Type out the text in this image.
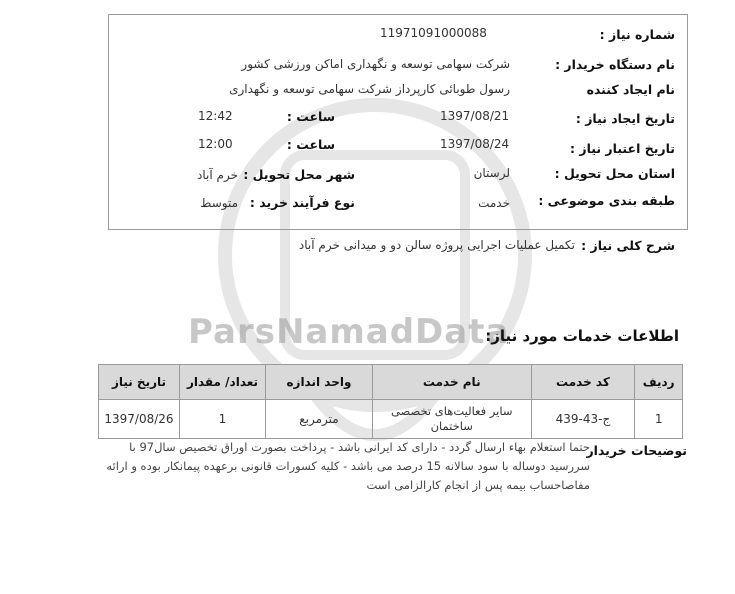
ParsNamadData
شماره نیاز :
11971091000088
نام دستگاه خریدار :
شرکت سهامی توسعه و نگهداری اماکن ورزشی کشور
نام ایجاد کننده
رسول طوبائی کارپرداز شرکت سهامی توسعه و نگهداری
تاریخ ایجاد نیاز :
1397/08/21
ساعت :
12:42
تاریخ اعتبار نیاز :
1397/08/24
ساعت :
12:00
استان محل تحویل :
لرستان
شهر محل تحویل :
خرم آباد
طبقه بندی موضوعی :
خدمت
نوع فرآیند خرید :
متوسط
شرح کلی نیاز :
تکمیل عملیات اجرایی پروژه سالن دو و میدانی خرم آباد
اطلاعات خدمات مورد نیاز:
ردیف	کد خدمت	نام خدمت	واحد اندازه	تعداد/ مقدار	تاریخ نیاز
1	ج-43-439	سایر فعالیت‌های تخصصی ساختمان	مترمربع	1	1397/08/26
توضیحات خریدار
حتما استعلام بهاء ارسال گردد - دارای کد ایرانی باشد - پرداخت بصورت اوراق تخصیص سال97 با سررسید دوساله با سود سالانه 15 درصد می باشد - کلیه کسورات قانونی برعهده پیمانکار بوده و ارائه مفاصاحساب بیمه پس از انجام کارالزامی است
